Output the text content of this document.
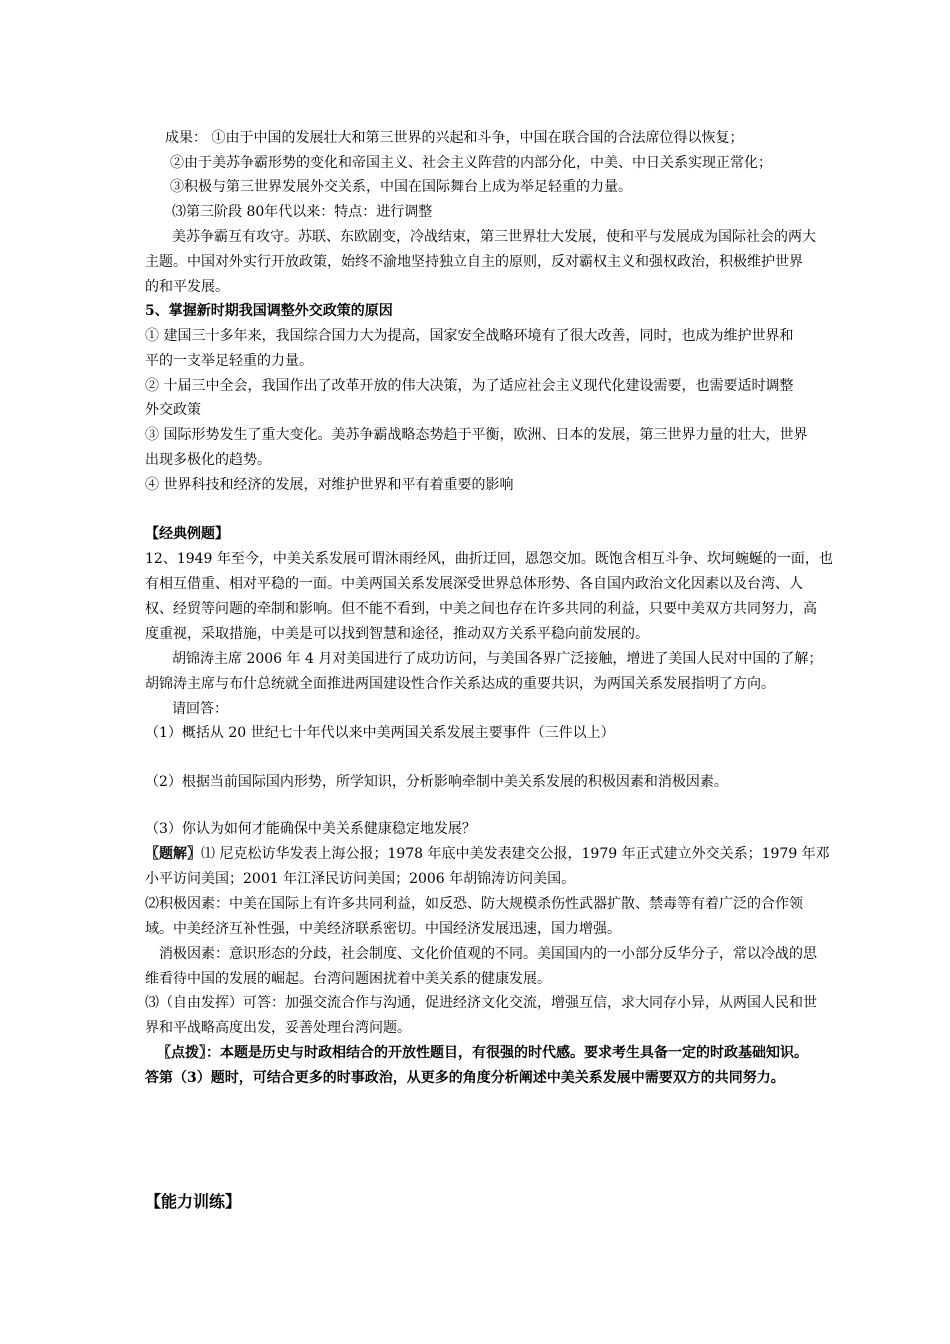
成果： ①由于中国的发展壮大和第三世界的兴起和斗争，中国在联合国的合法席位得以恢复；
②由于美苏争霸形势的变化和帝国主义、社会主义阵营的内部分化，中美、中日关系实现正常化；
③积极与第三世界发展外交关系，中国在国际舞台上成为举足轻重的力量。
⑶第三阶段 80年代以来：特点：进行调整
美苏争霸互有攻守。苏联、东欧剧变，冷战结束，第三世界壮大发展，使和平与发展成为国际社会的两大
主题。中国对外实行开放政策，始终不渝地坚持独立自主的原则，反对霸权主义和强权政治，积极维护世界
的和平发展。
5、掌握新时期我国调整外交政策的原因
① 建国三十多年来，我国综合国力大为提高，国家安全战略环境有了很大改善，同时，也成为维护世界和
平的一支举足轻重的力量。
② 十届三中全会，我国作出了改革开放的伟大决策，为了适应社会主义现代化建设需要，也需要适时调整
外交政策
③ 国际形势发生了重大变化。美苏争霸战略态势趋于平衡，欧洲、日本的发展，第三世界力量的壮大，世界
出现多极化的趋势。
④ 世界科技和经济的发展，对维护世界和平有着重要的影响
【经典例题】
12、1949 年至今，中美关系发展可谓沐雨经风，曲折迂回，恩怨交加。既饱含相互斗争、坎坷蜿蜒的一面，也
有相互借重、相对平稳的一面。中美两国关系发展深受世界总体形势、各自国内政治文化因素以及台湾、人
权、经贸等问题的牵制和影响。但不能不看到，中美之间也存在许多共同的利益，只要中美双方共同努力，高
度重视，采取措施，中美是可以找到智慧和途径，推动双方关系平稳向前发展的。
胡锦涛主席 2006 年 4 月对美国进行了成功访问，与美国各界广泛接触，增进了美国人民对中国的了解；
胡锦涛主席与布什总统就全面推进两国建设性合作关系达成的重要共识，为两国关系发展指明了方向。
请回答：
（1）概括从 20 世纪七十年代以来中美两国关系发展主要事件（三件以上）
（2）根据当前国际国内形势，所学知识，分析影响牵制中美关系发展的积极因素和消极因素。
（3）你认为如何才能确保中美关系健康稳定地发展？
〖题解〗⑴ 尼克松访华发表上海公报；1978 年底中美发表建交公报，1979 年正式建立外交关系；1979 年邓
小平访问美国；2001 年江泽民访问美国；2006 年胡锦涛访问美国。
⑵积极因素：中美在国际上有许多共同利益，如反恐、防大规模杀伤性武器扩散、禁毒等有着广泛的合作领
域。中美经济互补性强，中美经济联系密切。中国经济发展迅速，国力增强。
消极因素：意识形态的分歧，社会制度、文化价值观的不同。美国国内的一小部分反华分子，常以冷战的思
维看待中国的发展的崛起。台湾问题困扰着中美关系的健康发展。
⑶（自由发挥）可答：加强交流合作与沟通，促进经济文化交流，增强互信，求大同存小异，从两国人民和世
界和平战略高度出发，妥善处理台湾问题。
〖点拨〗：本题是历史与时政相结合的开放性题目，有很强的时代感。要求考生具备一定的时政基础知识。
答第（3）题时，可结合更多的时事政治，从更多的角度分析阐述中美关系发展中需要双方的共同努力。
【能力训练】
